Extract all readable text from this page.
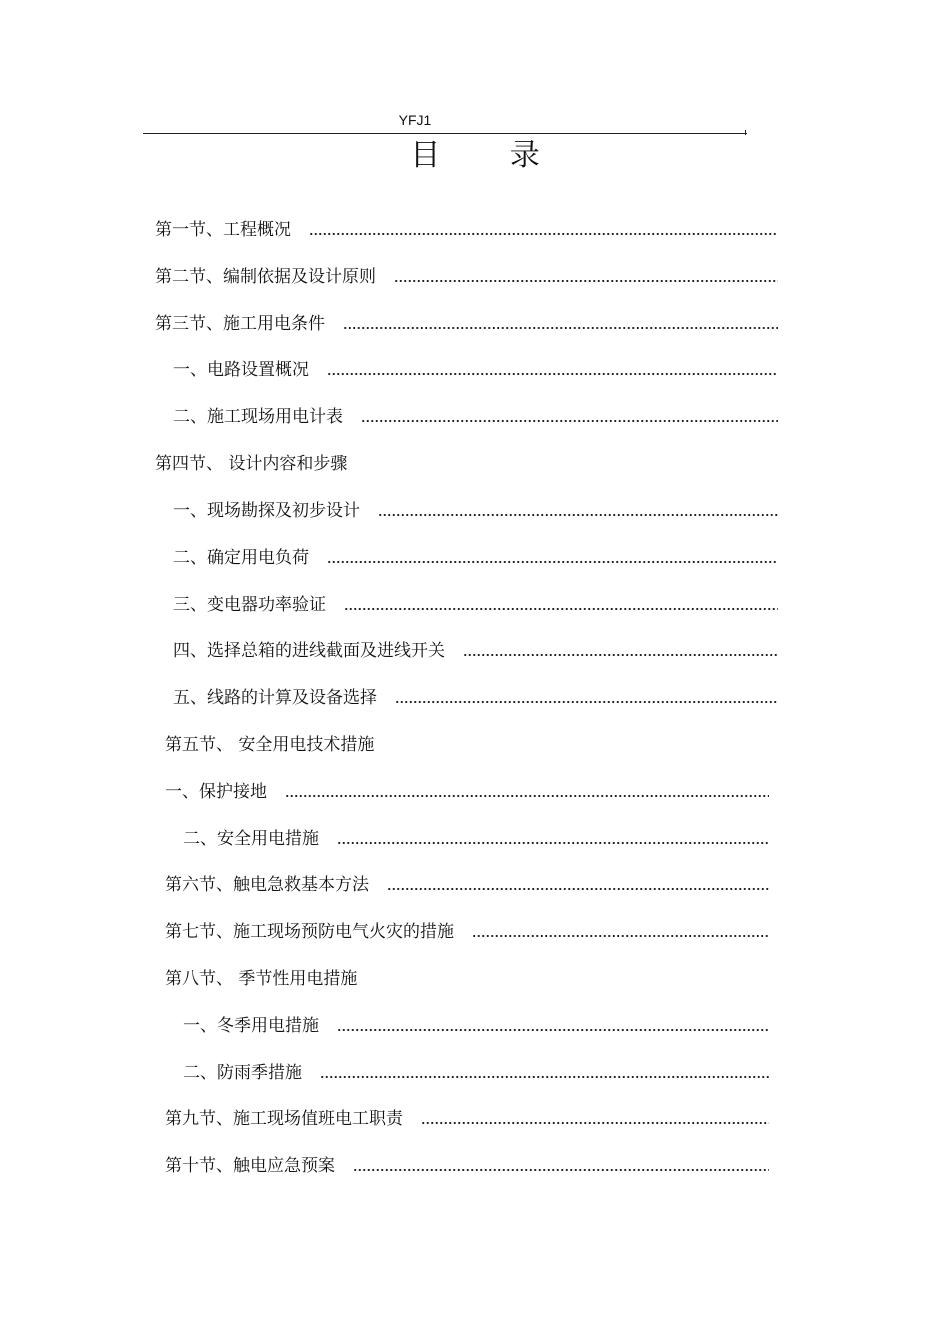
YFJ1
目 录
第一节、工程概况
第二节、编制依据及设计原则
第三节、施工用电条件
一、电路设置概况
二、施工现场用电计表
第四节、 设计内容和步骤
一、现场勘探及初步设计
二、确定用电负荷
三、变电器功率验证
四、选择总箱的进线截面及进线开关
五、线路的计算及设备选择
第五节、 安全用电技术措施
一、保护接地
二、安全用电措施
第六节、触电急救基本方法
第七节、施工现场预防电气火灾的措施
第八节、 季节性用电措施
一、冬季用电措施
二、防雨季措施
第九节、施工现场值班电工职责
第十节、触电应急预案
